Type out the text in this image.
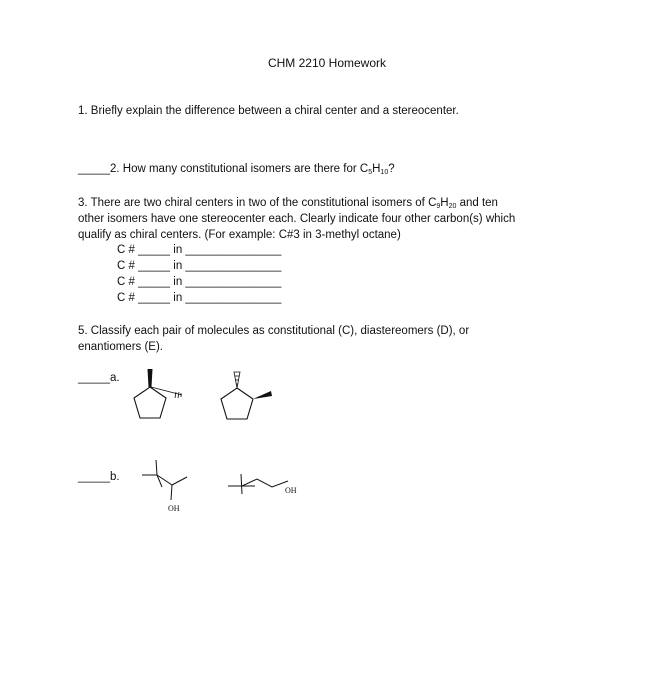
CHM 2210 Homework
1. Briefly explain the difference between a chiral center and a stereocenter.
_____2. How many constitutional isomers are there for $C_5H_{10}$?
3. There are two chiral centers in two of the constitutional isomers of $C_9H_{20}$ and ten
other isomers have one stereocenter each. Clearly indicate four other carbon(s) which
qualify as chiral centers. (For example: C#3 in 3-methyl octane)
C # _____ in _______________
C # _____ in _______________
C # _____ in _______________
C # _____ in _______________
5. Classify each pair of molecules as constitutional (C), diastereomers (D), or
enantiomers (E).
_____a.
_____b.
OH
OH
